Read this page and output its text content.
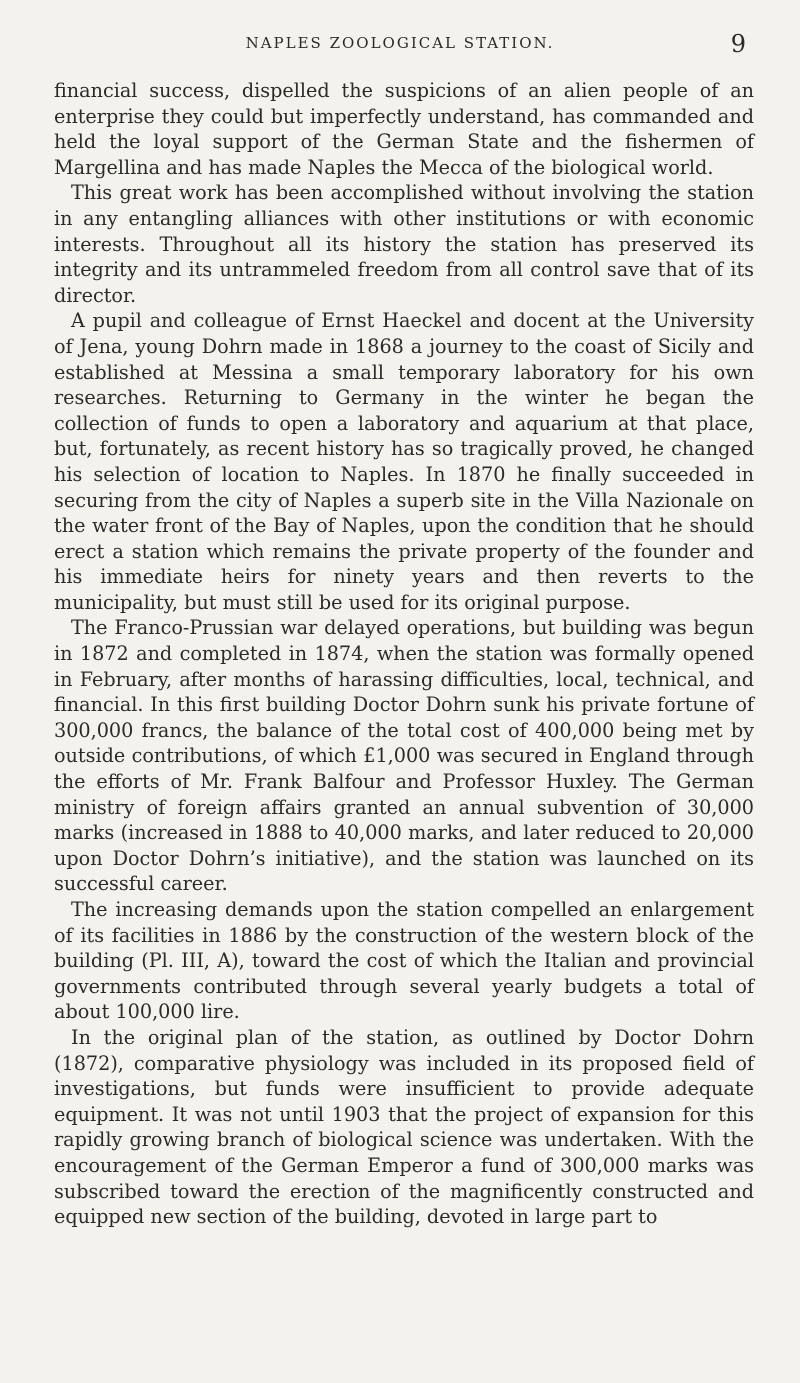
NAPLES ZOOLOGICAL STATION.	9

financial success, dispelled the suspicions of an alien people of an enterprise they could but imperfectly understand, has commanded and held the loyal support of the German State and the fishermen of Margellina and has made Naples the Mecca of the biological world.

This great work has been accomplished without involving the station in any entangling alliances with other institutions or with economic interests. Throughout all its history the station has preserved its integrity and its untrammeled freedom from all control save that of its director.

A pupil and colleague of Ernst Haeckel and docent at the University of Jena, young Dohrn made in 1868 a journey to the coast of Sicily and established at Messina a small temporary laboratory for his own researches. Returning to Germany in the winter he began the collection of funds to open a laboratory and aquarium at that place, but, fortunately, as recent history has so tragically proved, he changed his selection of location to Naples. In 1870 he finally succeeded in securing from the city of Naples a superb site in the Villa Nazionale on the water front of the Bay of Naples, upon the condition that he should erect a station which remains the private property of the founder and his immediate heirs for ninety years and then reverts to the municipality, but must still be used for its original purpose.

The Franco-Prussian war delayed operations, but building was begun in 1872 and completed in 1874, when the station was formally opened in February, after months of harassing difficulties, local, technical, and financial. In this first building Doctor Dohrn sunk his private fortune of 300,000 francs, the balance of the total cost of 400,000 being met by outside contributions, of which £1,000 was secured in England through the efforts of Mr. Frank Balfour and Professor Huxley. The German ministry of foreign affairs granted an annual subvention of 30,000 marks (increased in 1888 to 40,000 marks, and later reduced to 20,000 upon Doctor Dohrn’s initiative), and the station was launched on its successful career.

The increasing demands upon the station compelled an enlargement of its facilities in 1886 by the construction of the western block of the building (Pl. III, A), toward the cost of which the Italian and provincial governments contributed through several yearly budgets a total of about 100,000 lire.

In the original plan of the station, as outlined by Doctor Dohrn (1872), comparative physiology was included in its proposed field of investigations, but funds were insufficient to provide adequate equipment. It was not until 1903 that the project of expansion for this rapidly growing branch of biological science was undertaken. With the encouragement of the German Emperor a fund of 300,000 marks was subscribed toward the erection of the magnificently constructed and equipped new section of the building, devoted in large part to
